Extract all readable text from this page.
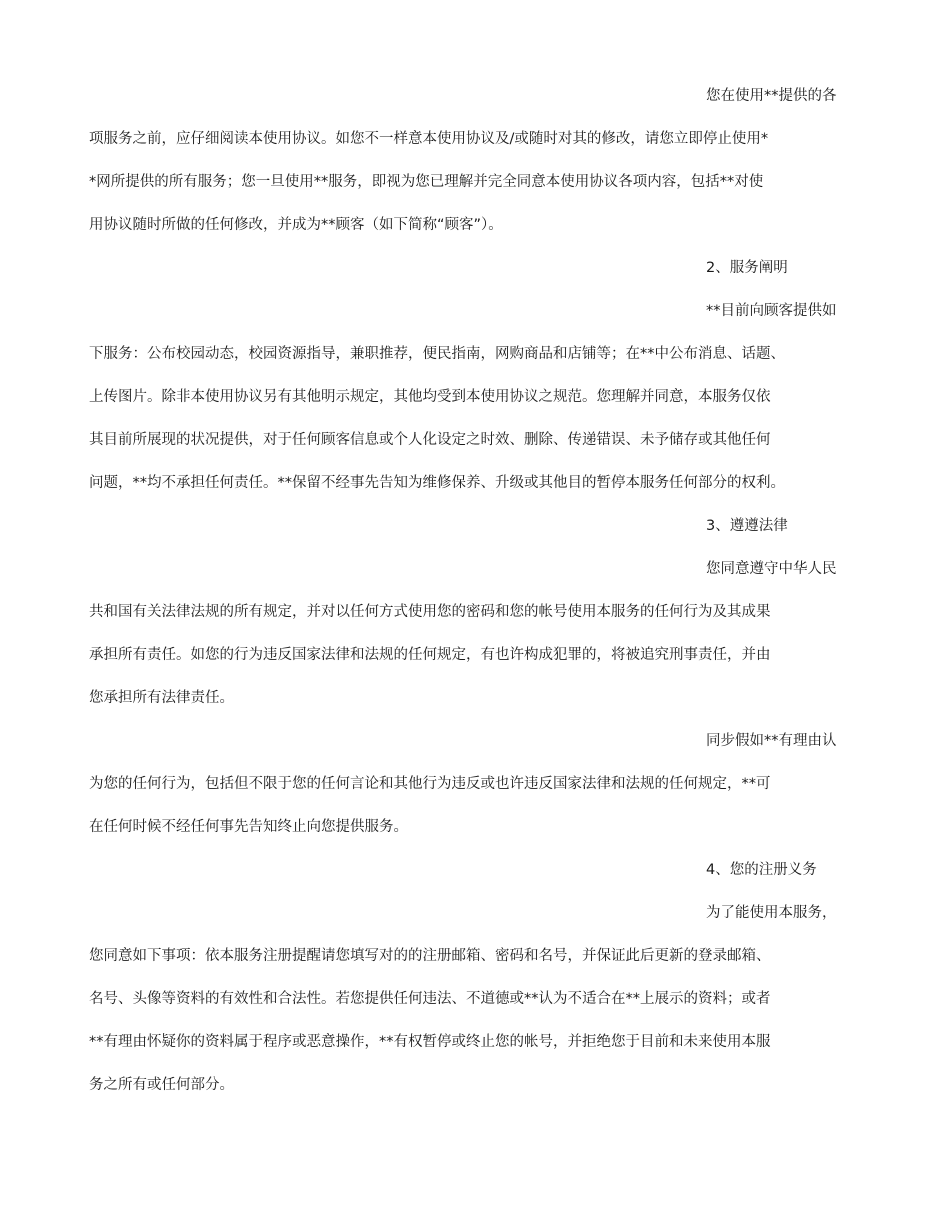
您在使用**提供的各
项服务之前，应仔细阅读本使用协议。如您不一样意本使用协议及/或随时对其的修改，请您立即停止使用*
*网所提供的所有服务；您一旦使用**服务，即视为您已理解并完全同意本使用协议各项内容，包括**对使
用协议随时所做的任何修改，并成为**顾客（如下简称“顾客”）。
2、服务阐明
**目前向顾客提供如
下服务：公布校园动态，校园资源指导，兼职推荐，便民指南，网购商品和店铺等；在**中公布消息、话题、
上传图片。除非本使用协议另有其他明示规定，其他均受到本使用协议之规范。您理解并同意，本服务仅依
其目前所展现的状况提供，对于任何顾客信息或个人化设定之时效、删除、传递错误、未予储存或其他任何
问题，**均不承担任何责任。**保留不经事先告知为维修保养、升级或其他目的暂停本服务任何部分的权利。
3、遵遵法律
您同意遵守中华人民
共和国有关法律法规的所有规定，并对以任何方式使用您的密码和您的帐号使用本服务的任何行为及其成果
承担所有责任。如您的行为违反国家法律和法规的任何规定，有也许构成犯罪的，将被追究刑事责任，并由
您承担所有法律责任。
同步假如**有理由认
为您的任何行为，包括但不限于您的任何言论和其他行为违反或也许违反国家法律和法规的任何规定，**可
在任何时候不经任何事先告知终止向您提供服务。
4、您的注册义务
为了能使用本服务，
您同意如下事项：依本服务注册提醒请您填写对的的注册邮箱、密码和名号，并保证此后更新的登录邮箱、
名号、头像等资料的有效性和合法性。若您提供任何违法、不道德或**认为不适合在**上展示的资料；或者
**有理由怀疑你的资料属于程序或恶意操作，**有权暂停或终止您的帐号，并拒绝您于目前和未来使用本服
务之所有或任何部分。
